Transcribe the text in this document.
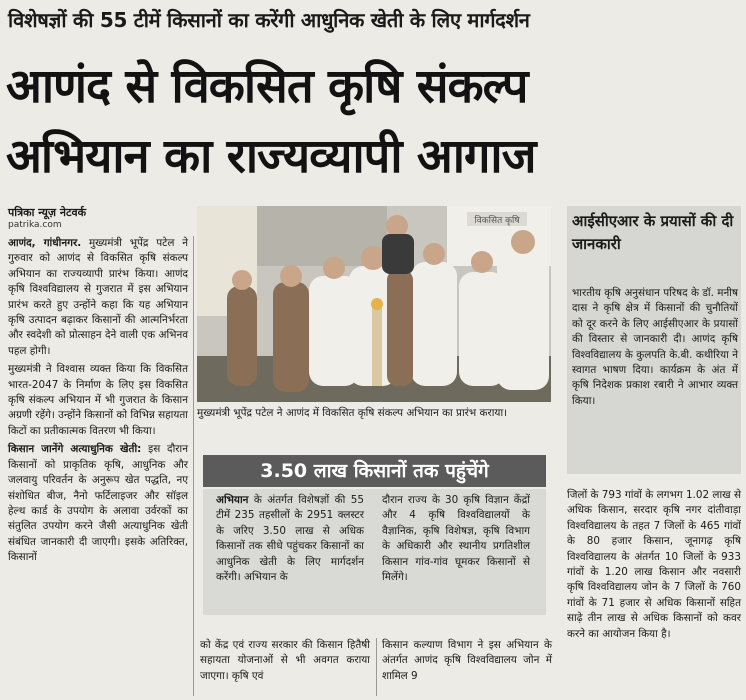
विशेषज्ञों की 55 टीमें किसानों का करेंगी आधुनिक खेती के लिए मार्गदर्शन
आणंद से विकसित कृषि संकल्प
अभियान का राज्यव्यापी आगाज
पत्रिका न्यूज़ नेटवर्क
patrika.com

आणंद, गांधीनगर. मुख्यमंत्री भूपेंद्र पटेल ने गुरुवार को आणंद से विकसित कृषि संकल्प अभियान का राज्यव्यापी प्रारंभ किया। आणंद कृषि विश्वविद्यालय से गुजरात में इस अभियान प्रारंभ करते हुए उन्होंने कहा कि यह अभियान कृषि उत्पादन बढ़ाकर किसानों की आत्मनिर्भरता और स्वदेशी को प्रोत्साहन देने वाली एक अभिनव पहल होगी।

मुख्यमंत्री ने विश्वास व्यक्त किया कि विकसित भारत-2047 के निर्माण के लिए इस विकसित कृषि संकल्प अभियान में भी गुजरात के किसान अग्रणी रहेंगे। उन्होंने किसानों को विभिन्न सहायता किटों का प्रतीकात्मक वितरण भी किया।

किसान जानेंगे अत्याधुनिक खेती: इस दौरान किसानों को प्राकृतिक कृषि, आधुनिक और जलवायु परिवर्तन के अनुरूप खेत पद्धति, नए संशोधित बीज, नैनो फर्टिलाइजर और सॉइल हेल्थ कार्ड के उपयोग के अलावा उर्वरकों का संतुलित उपयोग करने जैसी अत्याधुनिक खेती संबंधित जानकारी दी जाएगी। इसके अतिरिक्त, किसानों

विकसित कृषि
मुख्यमंत्री भूपेंद्र पटेल ने आणंद में विकसित कृषि संकल्प अभियान का प्रारंभ कराया।
3.50 लाख किसानों तक पहुंचेंगे
अभियान के अंतर्गत विशेषज्ञों की 55 टीमें 235 तहसीलों के 2951 क्लस्टर के जरिए 3.50 लाख से अधिक किसानों तक सीधे पहुंचकर किसानों का आधुनिक खेती के लिए मार्गदर्शन करेंगी। अभियान के
दौरान राज्य के 30 कृषि विज्ञान केंद्रों और 4 कृषि विश्वविद्यालयों के वैज्ञानिक, कृषि विशेषज्ञ, कृषि विभाग के अधिकारी और स्थानीय प्रगतिशील किसान गांव-गांव घूमकर किसानों से मिलेंगे।
को केंद्र एवं राज्य सरकार की किसान हितैषी सहायता योजनाओं से भी अवगत कराया जाएगा। कृषि एवं
किसान कल्याण विभाग ने इस अभियान के अंतर्गत आणंद कृषि विश्वविद्यालय जोन में शामिल 9
आईसीएआर के प्रयासों की दी जानकारी
भारतीय कृषि अनुसंधान परिषद के डॉ. मनीष दास ने कृषि क्षेत्र में किसानों की चुनौतियों को दूर करने के लिए आईसीएआर के प्रयासों की विस्तार से जानकारी दी। आणंद कृषि विश्वविद्यालय के कुलपति के.बी. कथीरिया ने स्वागत भाषण दिया। कार्यक्रम के अंत में कृषि निदेशक प्रकाश रबारी ने आभार व्यक्त किया।
जिलों के 793 गांवों के लगभग 1.02 लाख से अधिक किसान, सरदार कृषि नगर दांतीवाड़ा विश्वविद्यालय के तहत 7 जिलों के 465 गांवों के 80 हजार किसान, जूनागढ़ कृषि विश्वविद्यालय के अंतर्गत 10 जिलों के 933 गांवों के 1.20 लाख किसान और नवसारी कृषि विश्वविद्यालय जोन के 7 जिलों के 760 गांवों के 71 हजार से अधिक किसानों सहित साढ़े तीन लाख से अधिक किसानों को कवर करने का आयोजन किया है।
